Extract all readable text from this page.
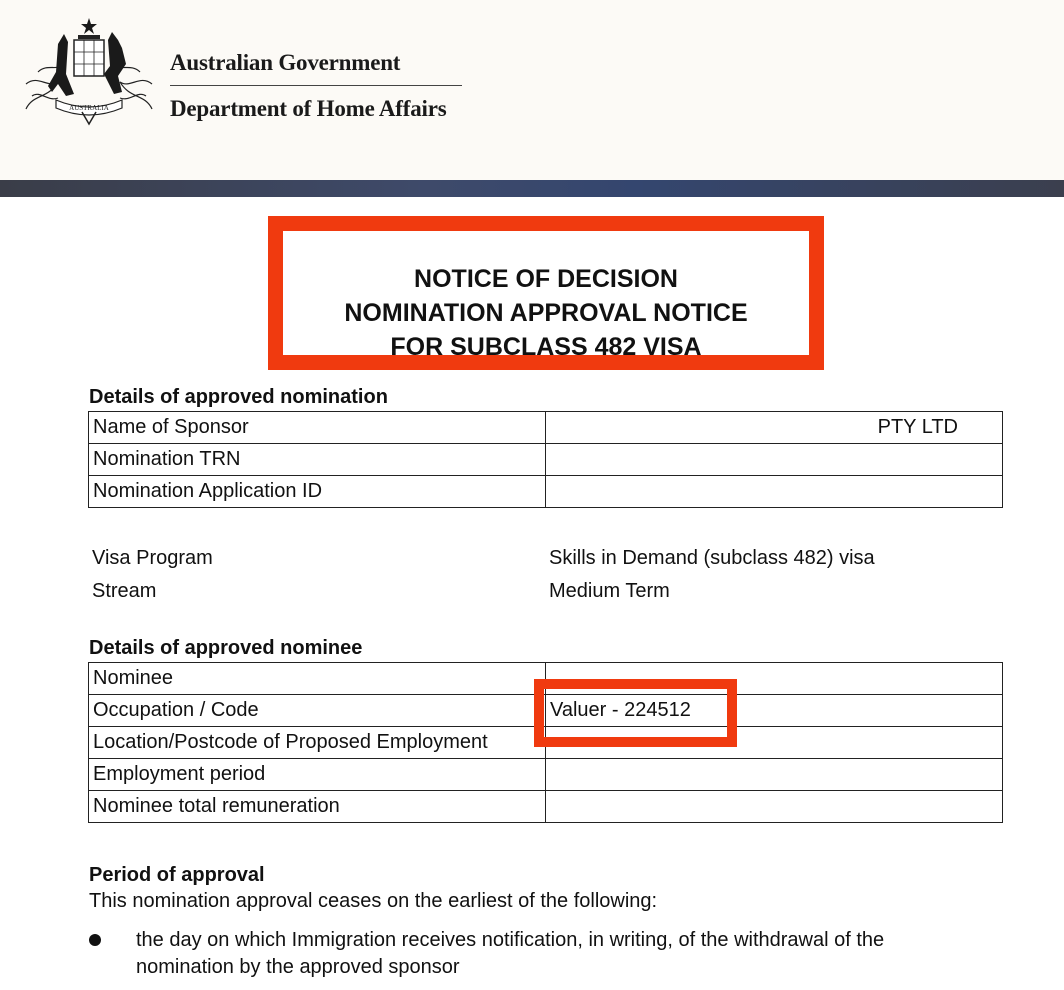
AUSTRALIA
Australian Government
Department of Home Affairs
NOTICE OF DECISION
NOMINATION APPROVAL NOTICE
FOR SUBCLASS 482 VISA
Details of approved nomination
Name of Sponsor	PTY LTD

Nomination TRN	
Nomination Application ID	
Visa Program	Skills in Demand (subclass 482) visa
Stream	Medium Term
Details of approved nominee
Nominee	
Occupation / Code	Valuer - 224512
Location/Postcode of Proposed Employment	
Employment period	
Nominee total remuneration	
Period of approval
This nomination approval ceases on the earliest of the following:
the day on which Immigration receives notification, in writing, of the withdrawal of the
nomination by the approved sponsor
